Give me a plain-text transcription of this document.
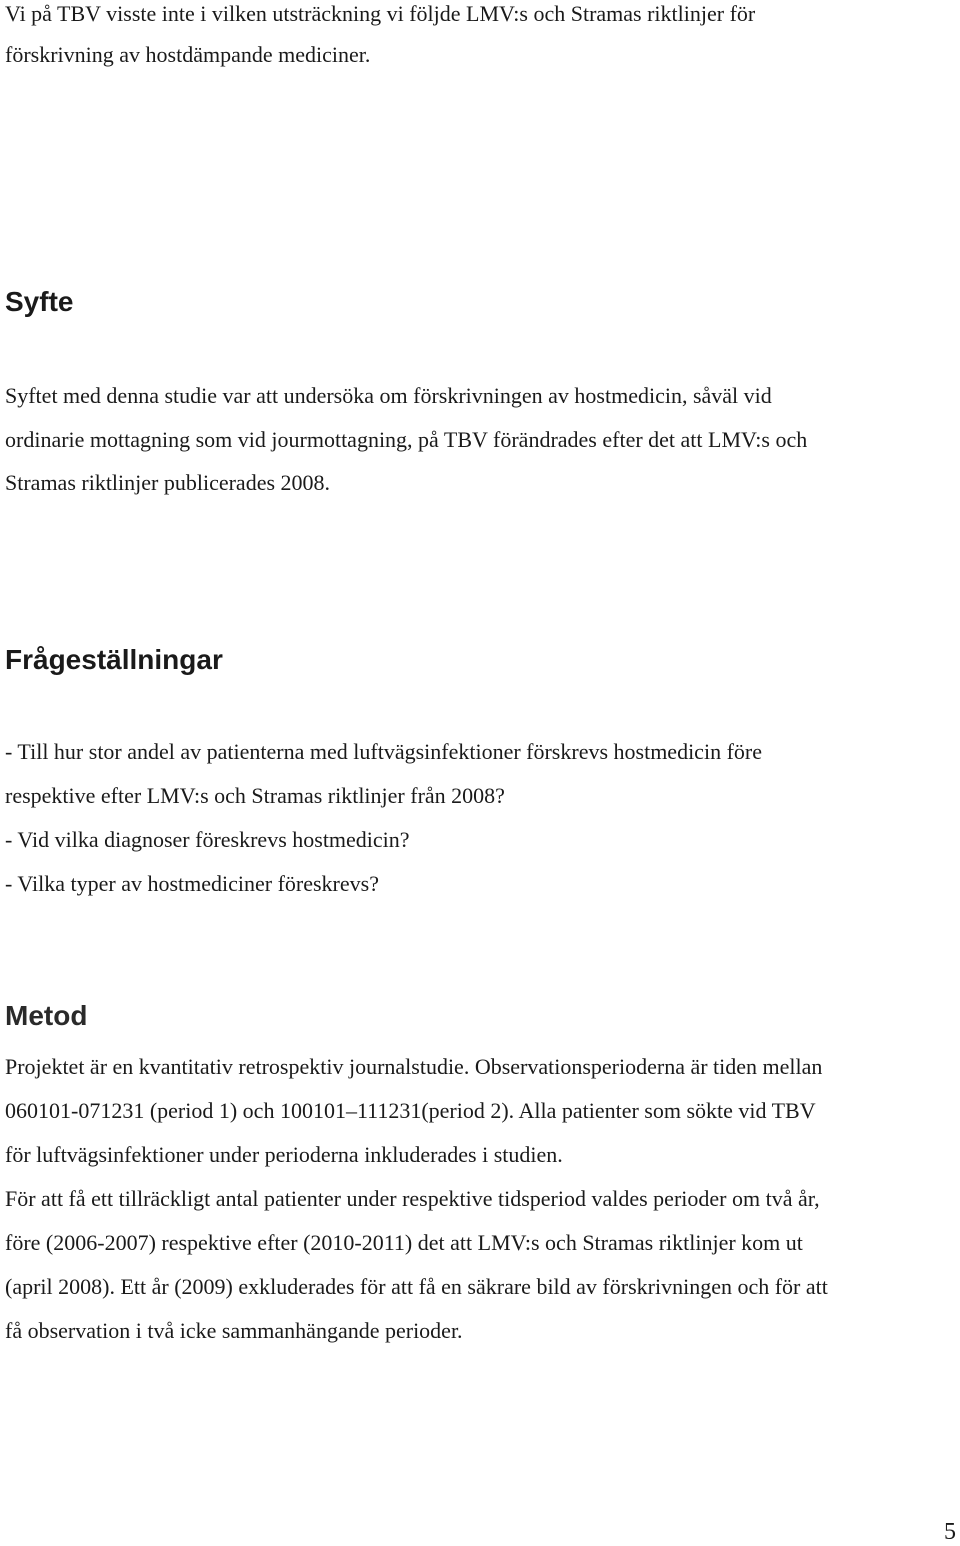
Vi på TBV visste inte i vilken utsträckning vi följde LMV:s och Stramas riktlinjer för

förskrivning av hostdämpande mediciner.

Syfte

Syftet med denna studie var att undersöka om förskrivningen av hostmedicin, såväl vid

ordinarie mottagning som vid jourmottagning, på TBV förändrades efter det att LMV:s och

Stramas riktlinjer publicerades 2008.

Frågeställningar

- Till hur stor andel av patienterna med luftvägsinfektioner förskrevs hostmedicin före

respektive efter LMV:s och Stramas riktlinjer från 2008?

- Vid vilka diagnoser föreskrevs hostmedicin?

- Vilka typer av hostmediciner föreskrevs?

Metod

Projektet är en kvantitativ retrospektiv journalstudie. Observationsperioderna är tiden mellan

060101-071231 (period 1) och 100101–111231(period 2). Alla patienter som sökte vid TBV

för luftvägsinfektioner under perioderna inkluderades i studien.

För att få ett tillräckligt antal patienter under respektive tidsperiod valdes perioder om två år,

före (2006-2007) respektive efter (2010-2011) det att LMV:s och Stramas riktlinjer kom ut

(april 2008). Ett år (2009) exkluderades för att få en säkrare bild av förskrivningen och för att

få observation i två icke sammanhängande perioder.

5
